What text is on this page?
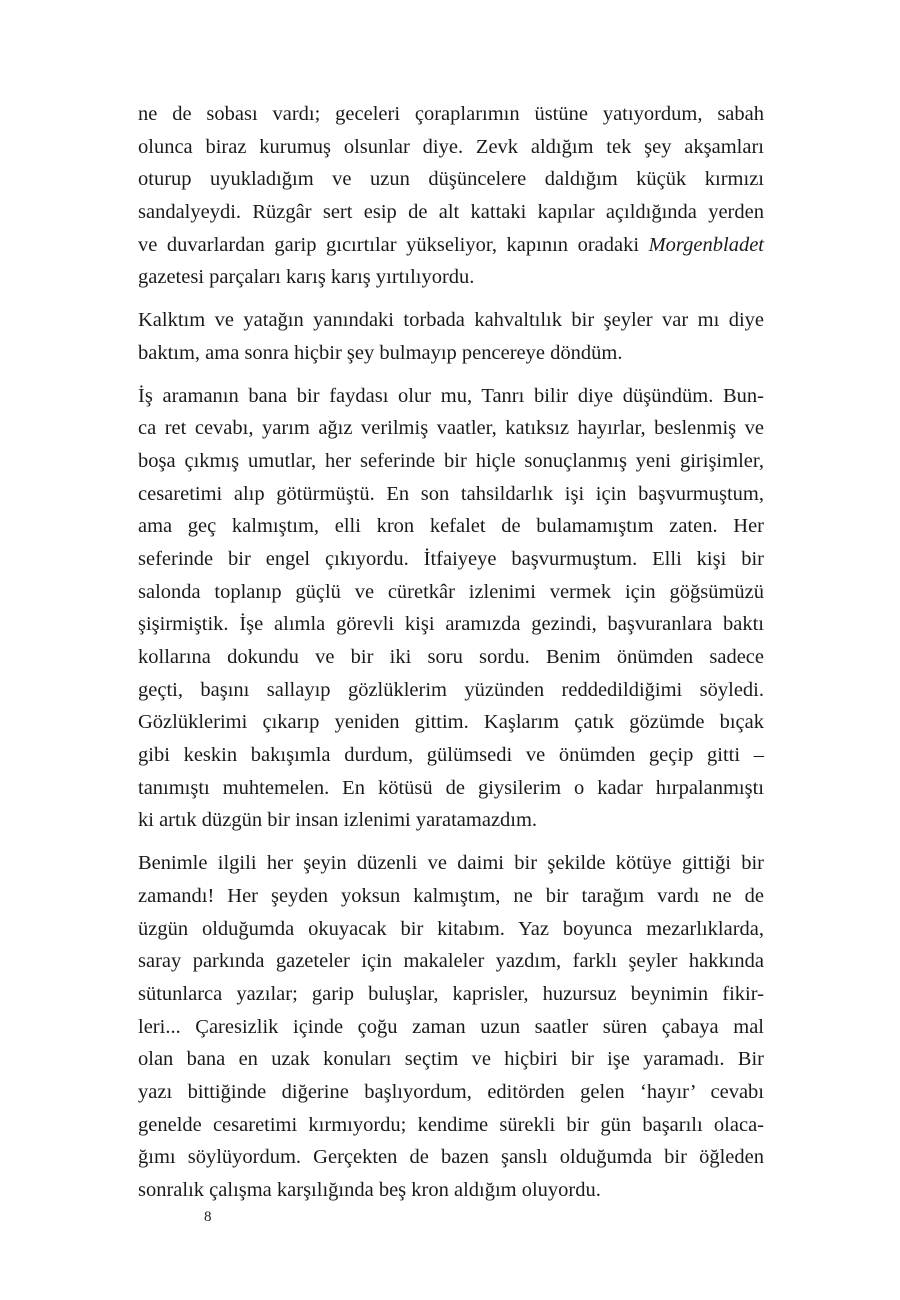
ne de sobası vardı; geceleri çoraplarımın üstüne yatıyordum, sabah
olunca biraz kurumuş olsunlar diye. Zevk aldığım tek şey akşamları
oturup uyukladığım ve uzun düşüncelere daldığım küçük kırmızı
sandalyeydi. Rüzgâr sert esip de alt kattaki kapılar açıldığında yerden
ve duvarlardan garip gıcırtılar yükseliyor, kapının oradaki Morgenbladet
gazetesi parçaları karış karış yırtılıyordu.
Kalktım ve yatağın yanındaki torbada kahvaltılık bir şeyler var mı diye
baktım, ama sonra hiçbir şey bulmayıp pencereye döndüm.
İş aramanın bana bir faydası olur mu, Tanrı bilir diye düşündüm. Bun-
ca ret cevabı, yarım ağız verilmiş vaatler, katıksız hayırlar, beslenmiş ve
boşa çıkmış umutlar, her seferinde bir hiçle sonuçlanmış yeni girişimler,
cesaretimi alıp götürmüştü. En son tahsildarlık işi için başvurmuştum,
ama geç kalmıştım, elli kron kefalet de bulamamıştım zaten. Her
seferinde bir engel çıkıyordu. İtfaiyeye başvurmuştum. Elli kişi bir
salonda toplanıp güçlü ve cüretkâr izlenimi vermek için göğsümüzü
şişirmiştik. İşe alımla görevli kişi aramızda gezindi, başvuranlara baktı
kollarına dokundu ve bir iki soru sordu. Benim önümden sadece
geçti, başını sallayıp gözlüklerim yüzünden reddedildiğimi söyledi.
Gözlüklerimi çıkarıp yeniden gittim. Kaşlarım çatık gözümde bıçak
gibi keskin bakışımla durdum, gülümsedi ve önümden geçip gitti –
tanımıştı muhtemelen. En kötüsü de giysilerim o kadar hırpalanmıştı
ki artık düzgün bir insan izlenimi yaratamazdım.
Benimle ilgili her şeyin düzenli ve daimi bir şekilde kötüye gittiği bir
zamandı! Her şeyden yoksun kalmıştım, ne bir tarağım vardı ne de
üzgün olduğumda okuyacak bir kitabım. Yaz boyunca mezarlıklarda,
saray parkında gazeteler için makaleler yazdım, farklı şeyler hakkında
sütunlarca yazılar; garip buluşlar, kaprisler, huzursuz beynimin fikir-
leri... Çaresizlik içinde çoğu zaman uzun saatler süren çabaya mal
olan bana en uzak konuları seçtim ve hiçbiri bir işe yaramadı. Bir
yazı bittiğinde diğerine başlıyordum, editörden gelen ‘hayır’ cevabı
genelde cesaretimi kırmıyordu; kendime sürekli bir gün başarılı olaca-
ğımı söylüyordum. Gerçekten de bazen şanslı olduğumda bir öğleden
sonralık çalışma karşılığında beş kron aldığım oluyordu.
8
